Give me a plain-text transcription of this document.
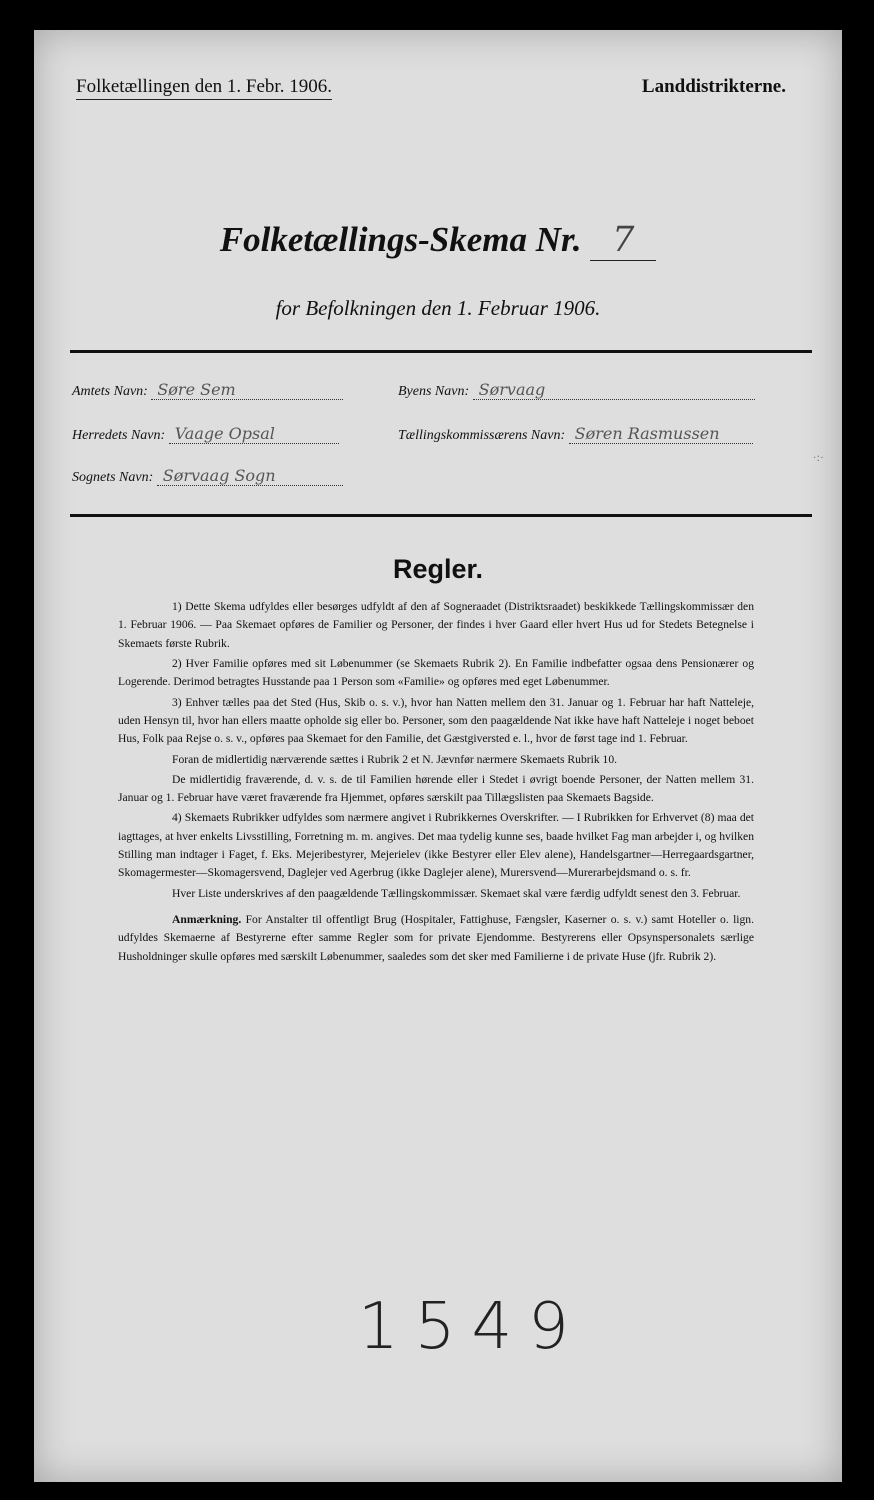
Folketællingen den 1. Febr. 1906.	Landdistrikterne.
Folketællings-Skema Nr. 7
for Befolkningen den 1. Februar 1906.
Amtets Navn: Søre Sem	Byens Navn: Sørvaag
Herredets Navn: Vaage Opsal	Tællingskommissærens Navn: Søren Rasmussen
Sognets Navn: Sørvaag Sogn
Regler.

1) Dette Skema udfyldes eller besørges udfyldt af den af Sogneraadet (Distriktsraadet) beskikkede Tællingskommissær den 1. Februar 1906. — Paa Skemaet opføres de Familier og Personer, der findes i hver Gaard eller hvert Hus ud for Stedets Betegnelse i Skemaets første Rubrik.

2) Hver Familie opføres med sit Løbenummer (se Skemaets Rubrik 2). En Familie indbefatter ogsaa dens Pensionærer og Logerende. Derimod betragtes Husstande paa 1 Person som «Familie» og opføres med eget Løbenummer.

3) Enhver tælles paa det Sted (Hus, Skib o. s. v.), hvor han Natten mellem den 31. Januar og 1. Februar har haft Natteleje, uden Hensyn til, hvor han ellers maatte opholde sig eller bo. Personer, som den paagældende Nat ikke have haft Natteleje i noget beboet Hus, Folk paa Rejse o. s. v., opføres paa Skemaet for den Familie, det Gæstgiversted e. l., hvor de først tage ind 1. Februar.

Foran de midlertidig nærværende sættes i Rubrik 2 et N. Jævnfør nærmere Skemaets Rubrik 10.

De midlertidig fraværende, d. v. s. de til Familien hørende eller i Stedet i øvrigt boende Personer, der Natten mellem 31. Januar og 1. Februar have været fraværende fra Hjemmet, opføres særskilt paa Tillægslisten paa Skemaets Bagside.

4) Skemaets Rubrikker udfyldes som nærmere angivet i Rubrikkernes Overskrifter. — I Rubrikken for Erhvervet (8) maa det iagttages, at hver enkelts Livsstilling, Forretning m. m. angives. Det maa tydelig kunne ses, baade hvilket Fag man arbejder i, og hvilken Stilling man indtager i Faget, f. Eks. Mejeribestyrer, Mejerielev (ikke Bestyrer eller Elev alene), Handelsgartner—Herregaardsgartner, Skomagermester—Skomagersvend, Daglejer ved Agerbrug (ikke Daglejer alene), Murersvend—Murerarbejdsmand o. s. fr.

Hver Liste underskrives af den paagældende Tællingskommissær. Skemaet skal være færdig udfyldt senest den 3. Februar.

Anmærkning. For Anstalter til offentligt Brug (Hospitaler, Fattighuse, Fængsler, Kaserner o. s. v.) samt Hoteller o. lign. udfyldes Skemaerne af Bestyrerne efter samme Regler som for private Ejendomme. Bestyrerens eller Opsynspersonalets særlige Husholdninger skulle opføres med særskilt Løbenummer, saaledes som det sker med Familierne i de private Huse (jfr. Rubrik 2).

1549
·:·
